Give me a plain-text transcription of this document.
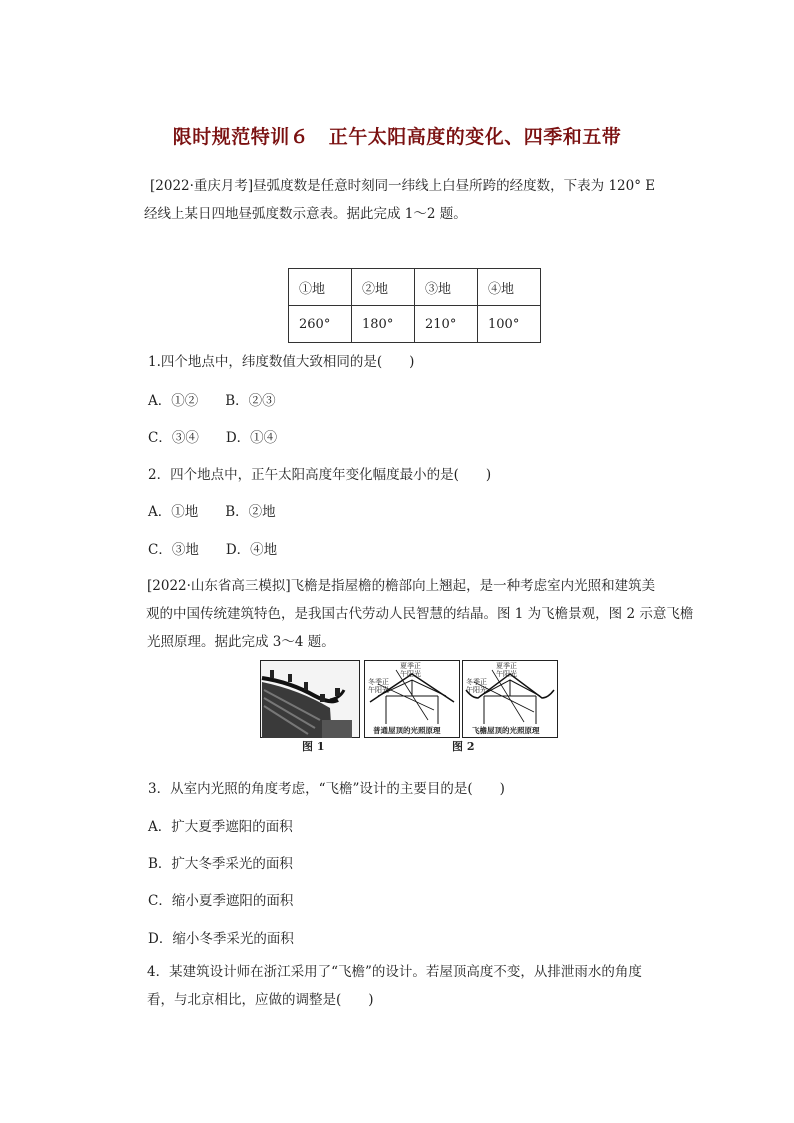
限时规范特训６　正午太阳高度的变化、四季和五带
[2022·重庆月考]昼弧度数是任意时刻同一纬线上白昼所跨的经度数，下表为 120° E
经线上某日四地昼弧度数示意表。据此完成 1～2 题。
①地	②地	③地	④地
260°	180°	210°	100°
1.四个地点中，纬度数值大致相同的是(　　)
A．①②　　B．②③
C．③④　　D．①④
2．四个地点中，正午太阳高度年变化幅度最小的是(　　)
A．①地　　B．②地
C．③地　　D．④地
[2022·山东省高三模拟]飞檐是指屋檐的檐部向上翘起，是一种考虑室内光照和建筑美
观的中国传统建筑特色，是我国古代劳动人民智慧的结晶。图 1 为飞檐景观，图 2 示意飞檐
光照原理。据此完成 3～4 题。
图 1
夏季正
午阳光
冬季正
午阳光
普通屋顶的光照原理
夏季正
午阳光
冬季正
午阳光
飞檐屋顶的光照原理
图 2
3．从室内光照的角度考虑，“飞檐”设计的主要目的是(　　)
A．扩大夏季遮阳的面积
B．扩大冬季采光的面积
C．缩小夏季遮阳的面积
D．缩小冬季采光的面积
4．某建筑设计师在浙江采用了“飞檐”的设计。若屋顶高度不变，从排泄雨水的角度
看，与北京相比，应做的调整是(　　)
